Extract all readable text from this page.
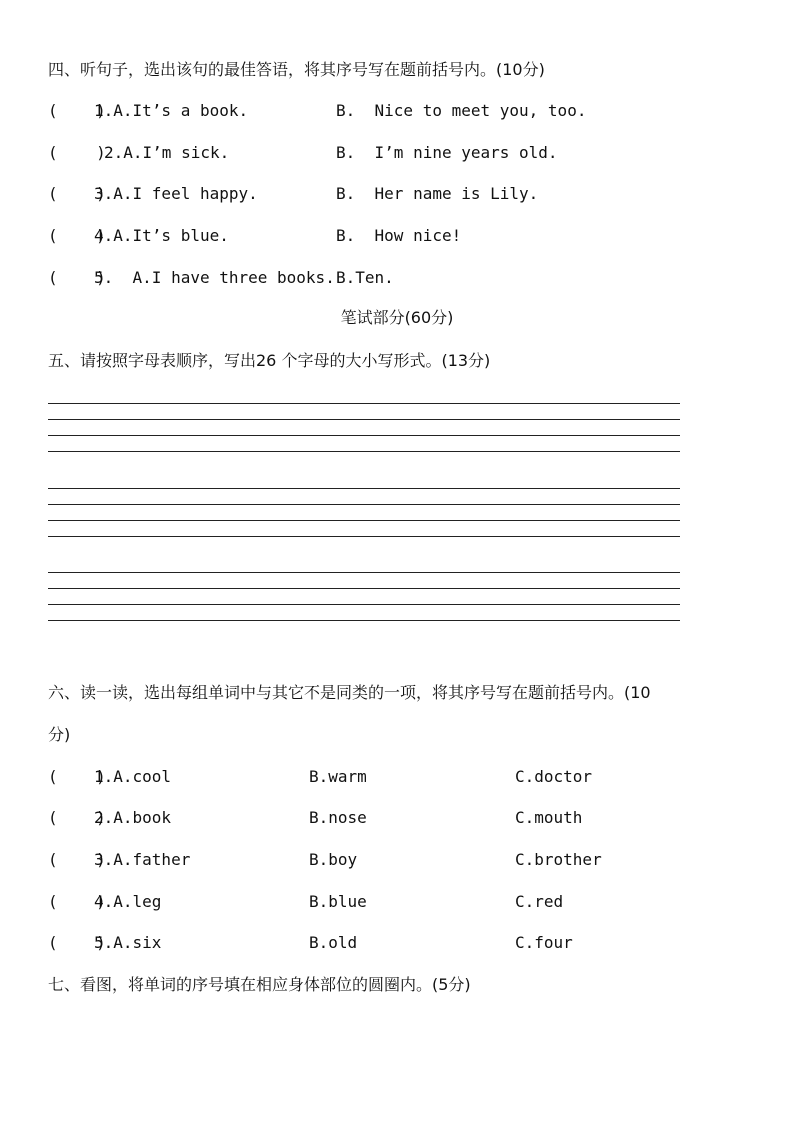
四、听句子，选出该句的最佳答语，将其序号写在题前括号内。(10分)
(    )
1.A.It’s a book.	B.  Nice to meet you, too.
(    )
2.A.I’m sick.	B.  I’m nine years old.
(    )
3.A.I feel happy.	B.  Her name is Lily.
(    )
4.A.It’s blue.	B.  How nice!
(    )
5.  A.I have three books. B.Ten.
笔试部分(60分)
五、请按照字母表顺序，写出26 个字母的大小写形式。(13分)
六、读一读，选出每组单词中与其它不是同类的一项，将其序号写在题前括号内。(10
分)
(    )
1.A.cool	B.warm	C.doctor
(    )
2.A.book	B.nose	C.mouth
(    )
3.A.father	B.boy	C.brother
(    )
4.A.leg	B.blue	C.red
(    )
5.A.six	B.old	C.four
七、看图，将单词的序号填在相应身体部位的圆圈内。(5分)
